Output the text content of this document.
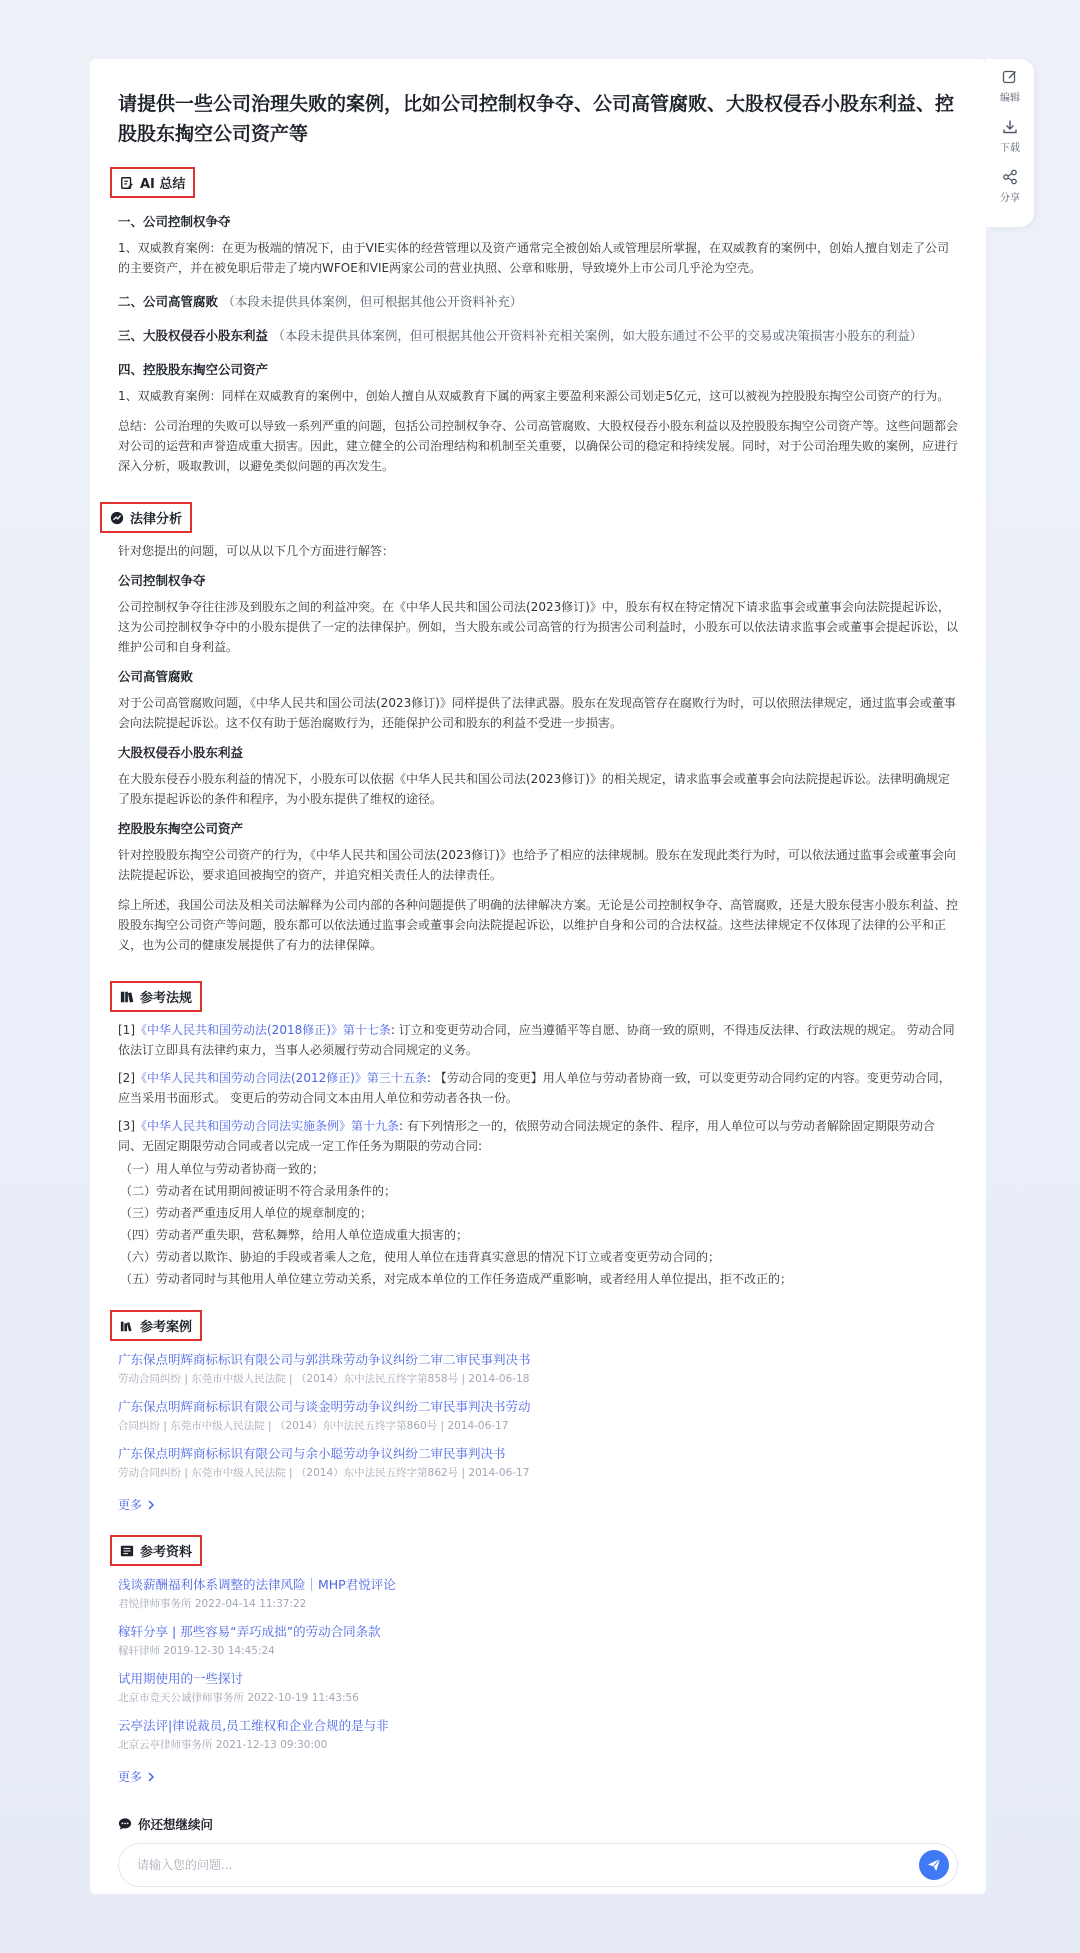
请提供一些公司治理失败的案例，比如公司控制权争夺、公司高管腐败、大股权侵吞小股东利益、控股股东掏空公司资产等
AI 总结

一、公司控制权争夺

1、双威教育案例：在更为极端的情况下，由于VIE实体的经营管理以及资产通常完全被创始人或管理层所掌握，在双威教育的案例中，创始人擅自划走了公司的主要资产，并在被免职后带走了境内WFOE和VIE两家公司的营业执照、公章和账册，导致境外上市公司几乎沦为空壳。

二、公司高管腐败 （本段未提供具体案例，但可根据其他公开资料补充）

三、大股权侵吞小股东利益 （本段未提供具体案例，但可根据其他公开资料补充相关案例，如大股东通过不公平的交易或决策损害小股东的利益）

四、控股股东掏空公司资产

1、双威教育案例：同样在双威教育的案例中，创始人擅自从双威教育下属的两家主要盈利来源公司划走5亿元，这可以被视为控股股东掏空公司资产的行为。

总结：公司治理的失败可以导致一系列严重的问题，包括公司控制权争夺、公司高管腐败、大股权侵吞小股东利益以及控股股东掏空公司资产等。这些问题都会对公司的运营和声誉造成重大损害。因此，建立健全的公司治理结构和机制至关重要，以确保公司的稳定和持续发展。同时，对于公司治理失败的案例，应进行深入分析，吸取教训，以避免类似问题的再次发生。

法律分析

针对您提出的问题，可以从以下几个方面进行解答：

公司控制权争夺

公司控制权争夺往往涉及到股东之间的利益冲突。在《中华人民共和国公司法(2023修订)》中，股东有权在特定情况下请求监事会或董事会向法院提起诉讼，这为公司控制权争夺中的小股东提供了一定的法律保护。例如，当大股东或公司高管的行为损害公司利益时，小股东可以依法请求监事会或董事会提起诉讼，以维护公司和自身利益。

公司高管腐败

对于公司高管腐败问题，《中华人民共和国公司法(2023修订)》同样提供了法律武器。股东在发现高管存在腐败行为时，可以依照法律规定，通过监事会或董事会向法院提起诉讼。这不仅有助于惩治腐败行为，还能保护公司和股东的利益不受进一步损害。

大股权侵吞小股东利益

在大股东侵吞小股东利益的情况下，小股东可以依据《中华人民共和国公司法(2023修订)》的相关规定，请求监事会或董事会向法院提起诉讼。法律明确规定了股东提起诉讼的条件和程序，为小股东提供了维权的途径。

控股股东掏空公司资产

针对控股股东掏空公司资产的行为，《中华人民共和国公司法(2023修订)》也给予了相应的法律规制。股东在发现此类行为时，可以依法通过监事会或董事会向法院提起诉讼，要求追回被掏空的资产，并追究相关责任人的法律责任。

综上所述，我国公司法及相关司法解释为公司内部的各种问题提供了明确的法律解决方案。无论是公司控制权争夺、高管腐败，还是大股东侵害小股东利益、控股股东掏空公司资产等问题，股东都可以依法通过监事会或董事会向法院提起诉讼，以维护自身和公司的合法权益。这些法律规定不仅体现了法律的公平和正义，也为公司的健康发展提供了有力的法律保障。

参考法规

[1]《中华人民共和国劳动法(2018修正)》第十七条: 订立和变更劳动合同，应当遵循平等自愿、协商一致的原则，不得违反法律、行政法规的规定。 劳动合同依法订立即具有法律约束力，当事人必须履行劳动合同规定的义务。

[2]《中华人民共和国劳动合同法(2012修正)》第三十五条: 【劳动合同的变更】用人单位与劳动者协商一致，可以变更劳动合同约定的内容。变更劳动合同，应当采用书面形式。 变更后的劳动合同文本由用人单位和劳动者各执一份。

[3]《中华人民共和国劳动合同法实施条例》第十九条: 有下列情形之一的，依照劳动合同法规定的条件、程序，用人单位可以与劳动者解除固定期限劳动合同、无固定期限劳动合同或者以完成一定工作任务为期限的劳动合同:

（一）用人单位与劳动者协商一致的；

（二）劳动者在试用期间被证明不符合录用条件的；

（三）劳动者严重违反用人单位的规章制度的；

（四）劳动者严重失职，营私舞弊，给用人单位造成重大损害的；

（六）劳动者以欺诈、胁迫的手段或者乘人之危，使用人单位在违背真实意思的情况下订立或者变更劳动合同的；

（五）劳动者同时与其他用人单位建立劳动关系，对完成本单位的工作任务造成严重影响，或者经用人单位提出，拒不改正的；

参考案例
广东保点明辉商标标识有限公司与郭洪珠劳动争议纠纷二审二审民事判决书
劳动合同纠纷 | 东莞市中级人民法院 | （2014）东中法民五终字第858号 | 2014-06-18
广东保点明辉商标标识有限公司与谈金明劳动争议纠纷二审民事判决书劳动
合同纠纷 | 东莞市中级人民法院 | （2014）东中法民五终字第860号 | 2014-06-17
广东保点明辉商标标识有限公司与余小聪劳动争议纠纷二审民事判决书
劳动合同纠纷 | 东莞市中级人民法院 | （2014）东中法民五终字第862号 | 2014-06-17
更多
参考资料
浅谈薪酬福利体系调整的法律风险｜MHP君悦评论
君悦律师事务所 2022-04-14 11:37:22
稼轩分享 | 那些容易“弄巧成拙”的劳动合同条款
稼轩律师 2019-12-30 14:45:24
试用期使用的一些探讨
北京市竞天公诚律师事务所 2022-10-19 11:43:56
云亭法评|律说裁员,员工维权和企业合规的是与非
北京云亭律师事务所 2021-12-13 09:30:00
更多
你还想继续问
请输入您的问题...
编辑
下载
分享
